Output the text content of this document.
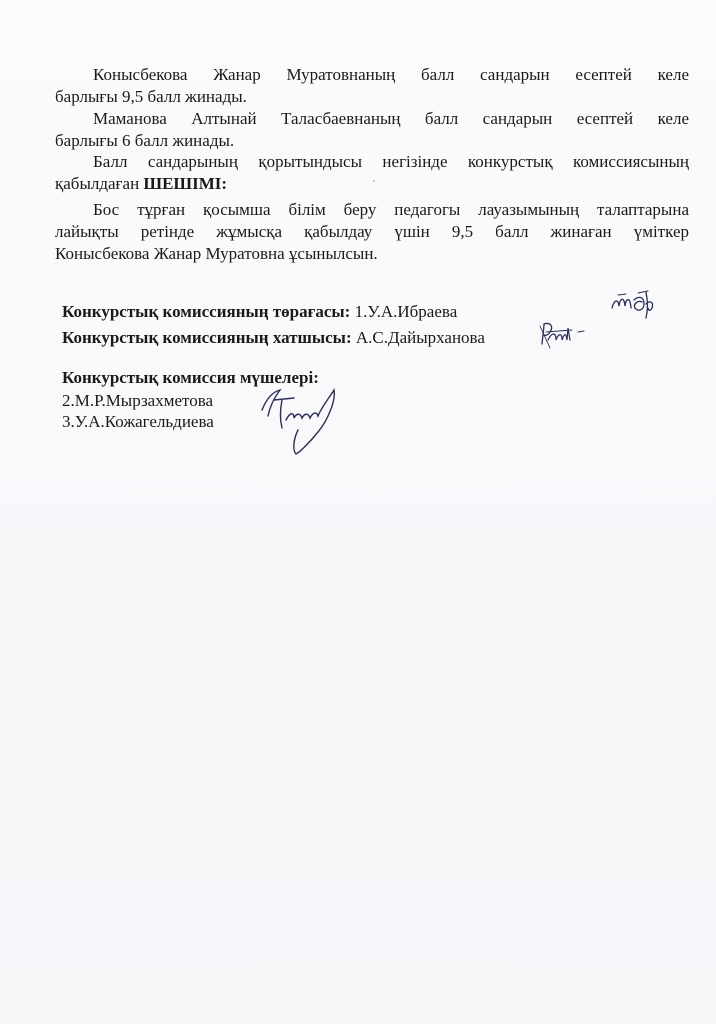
Конысбекова Жанар Муратовнаның балл сандарын есептей келе
барлығы 9,5 балл жинады.
Маманова Алтынай Таласбаевнаның балл сандарын есептей келе
барлығы 6 балл жинады.
Балл сандарының қорытындысы негізінде конкурстық комиссиясының
қабылдаған ШЕШІМІ:
Бос тұрған қосымша білім беру педагогы лауазымының талаптарына
лайықты ретінде жұмысқа қабылдау үшін 9,5 балл жинаған үміткер
Конысбекова Жанар Муратовна ұсынылсын.
Конкурстық комиссияның төрағасы: 1.У.А.Ибраева
Конкурстық комиссияның хатшысы: А.С.Дайырханова
Конкурстық комиссия мүшелері:
2.М.Р.Мырзахметова
3.У.А.Кожагельдиева
